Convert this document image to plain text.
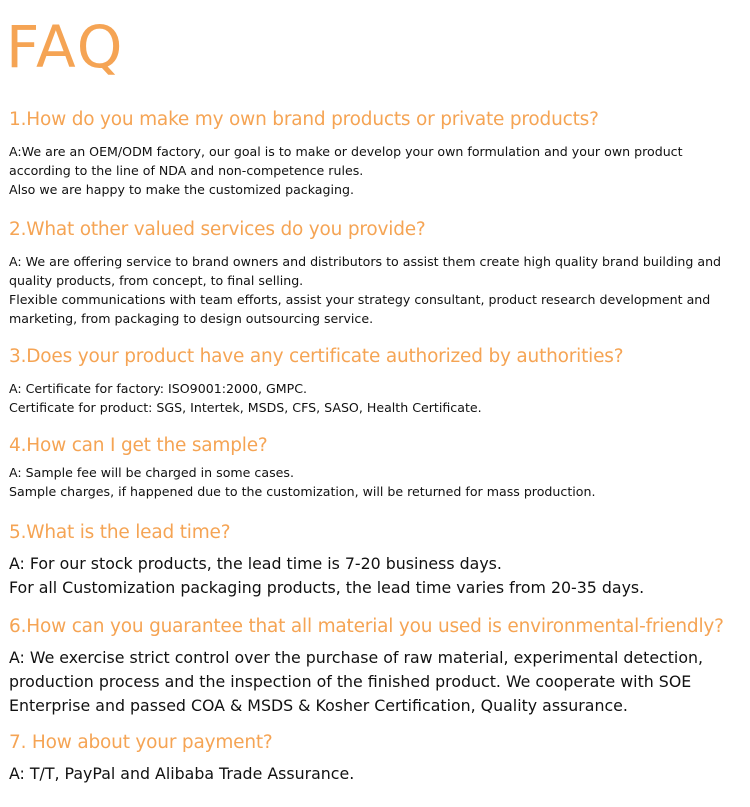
FAQ
1.How do you make my own brand products or private products?

A:We are an OEM/ODM factory, our goal is to make or develop your own formulation and your own product according to the line of NDA and non-competence rules.

Also we are happy to make the customized packaging.

2.What other valued services do you provide?

A: We are offering service to brand owners and distributors to assist them create high quality brand building and quality products, from concept, to final selling.

Flexible communications with team efforts, assist your strategy consultant, product research development and marketing, from packaging to design outsourcing service.

3.Does your product have any certificate authorized by authorities?

A: Certificate for factory: ISO9001:2000, GMPC.

Certificate for product: SGS, Intertek, MSDS, CFS, SASO, Health Certificate.

4.How can I get the sample?

A: Sample fee will be charged in some cases.

Sample charges, if happened due to the customization, will be returned for mass production.

5.What is the lead time?

A: For our stock products, the lead time is 7-20 business days.

For all Customization packaging products, the lead time varies from 20-35 days.

6.How can you guarantee that all material you used is environmental-friendly?

A: We exercise strict control over the purchase of raw material, experimental detection, production process and the inspection of the finished product. We cooperate with SOE Enterprise and passed COA & MSDS & Kosher Certification, Quality assurance.

7. How about your payment?

A: T/T, PayPal and Alibaba Trade Assurance.
